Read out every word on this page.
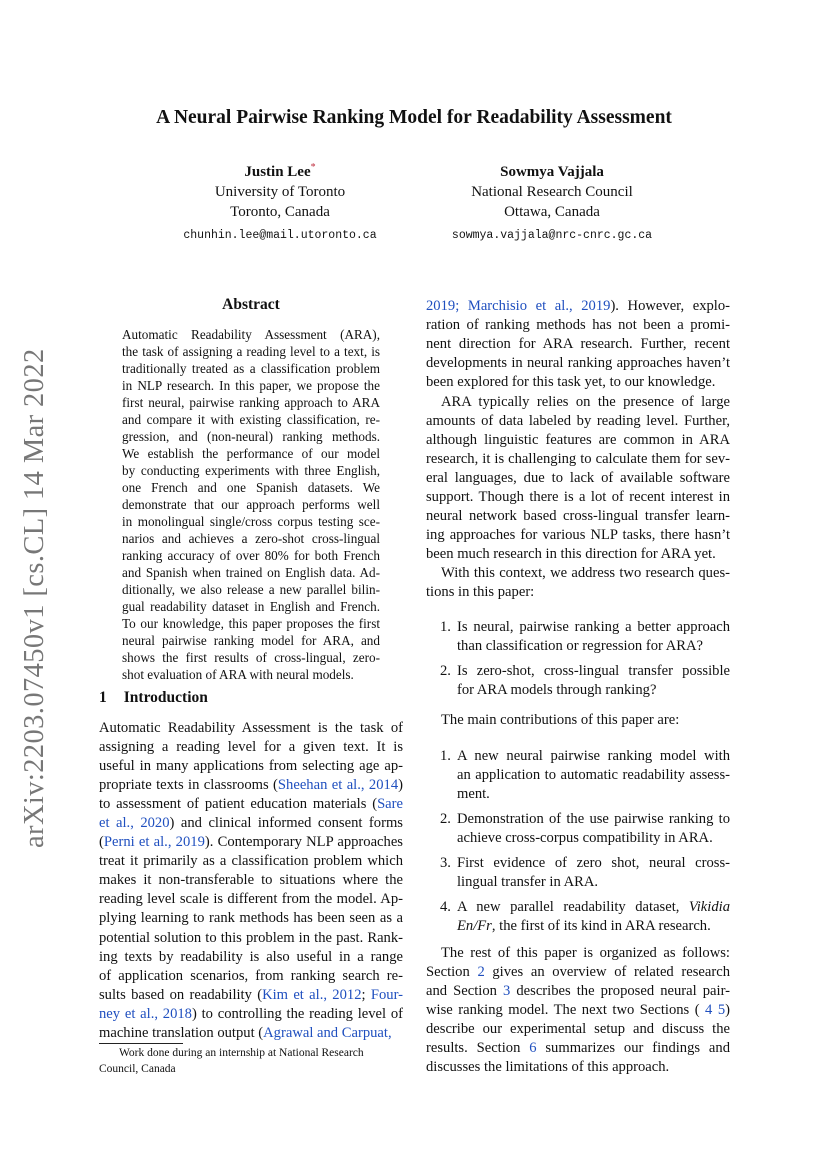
arXiv:2203.07450v1 [cs.CL] 14 Mar 2022
A Neural Pairwise Ranking Model for Readability Assessment
Justin Lee*
University of Toronto
Toronto, Canada
chunhin.lee@mail.utoronto.ca
Sowmya Vajjala
National Research Council
Ottawa, Canada
sowmya.vajjala@nrc-cnrc.gc.ca
Abstract
Automatic Readability Assessment (ARA),
the task of assigning a reading level to a text, is
traditionally treated as a classification problem
in NLP research. In this paper, we propose the
first neural, pairwise ranking approach to ARA
and compare it with existing classification, re-
gression, and (non-neural) ranking methods.
We establish the performance of our model
by conducting experiments with three English,
one French and one Spanish datasets. We
demonstrate that our approach performs well
in monolingual single/cross corpus testing sce-
narios and achieves a zero-shot cross-lingual
ranking accuracy of over 80% for both French
and Spanish when trained on English data. Ad-
ditionally, we also release a new parallel bilin-
gual readability dataset in English and French.
To our knowledge, this paper proposes the first
neural pairwise ranking model for ARA, and
shows the first results of cross-lingual, zero-
shot evaluation of ARA with neural models.
1 Introduction
Automatic Readability Assessment is the task of
assigning a reading level for a given text. It is
useful in many applications from selecting age ap-
propriate texts in classrooms (Sheehan et al., 2014)
to assessment of patient education materials (Sare
et al., 2020) and clinical informed consent forms
(Perni et al., 2019). Contemporary NLP approaches
treat it primarily as a classification problem which
makes it non-transferable to situations where the
reading level scale is different from the model. Ap-
plying learning to rank methods has been seen as a
potential solution to this problem in the past. Rank-
ing texts by readability is also useful in a range
of application scenarios, from ranking search re-
sults based on readability (Kim et al., 2012; Four-
ney et al., 2018) to controlling the reading level of
machine translation output (Agrawal and Carpuat,
Work done during an internship at National Research Council, Canada
2019; Marchisio et al., 2019). However, explo-
ration of ranking methods has not been a promi-
nent direction for ARA research. Further, recent
developments in neural ranking approaches haven’t
been explored for this task yet, to our knowledge.
ARA typically relies on the presence of large
amounts of data labeled by reading level. Further,
although linguistic features are common in ARA
research, it is challenging to calculate them for sev-
eral languages, due to lack of available software
support. Though there is a lot of recent interest in
neural network based cross-lingual transfer learn-
ing approaches for various NLP tasks, there hasn’t
been much research in this direction for ARA yet.
With this context, we address two research ques-
tions in this paper:
1. Is neural, pairwise ranking a better approach
than classification or regression for ARA?
2. Is zero-shot, cross-lingual transfer possible
for ARA models through ranking?
The main contributions of this paper are:
1. A new neural pairwise ranking model with
an application to automatic readability assess-
ment.
2. Demonstration of the use pairwise ranking to
achieve cross-corpus compatibility in ARA.
3. First evidence of zero shot, neural cross-
lingual transfer in ARA.
4. A new parallel readability dataset, Vikidia
En/Fr, the first of its kind in ARA research.
The rest of this paper is organized as follows:
Section 2 gives an overview of related research
and Section 3 describes the proposed neural pair-
wise ranking model. The next two Sections ( 4 5)
describe our experimental setup and discuss the
results. Section 6 summarizes our findings and
discusses the limitations of this approach.
